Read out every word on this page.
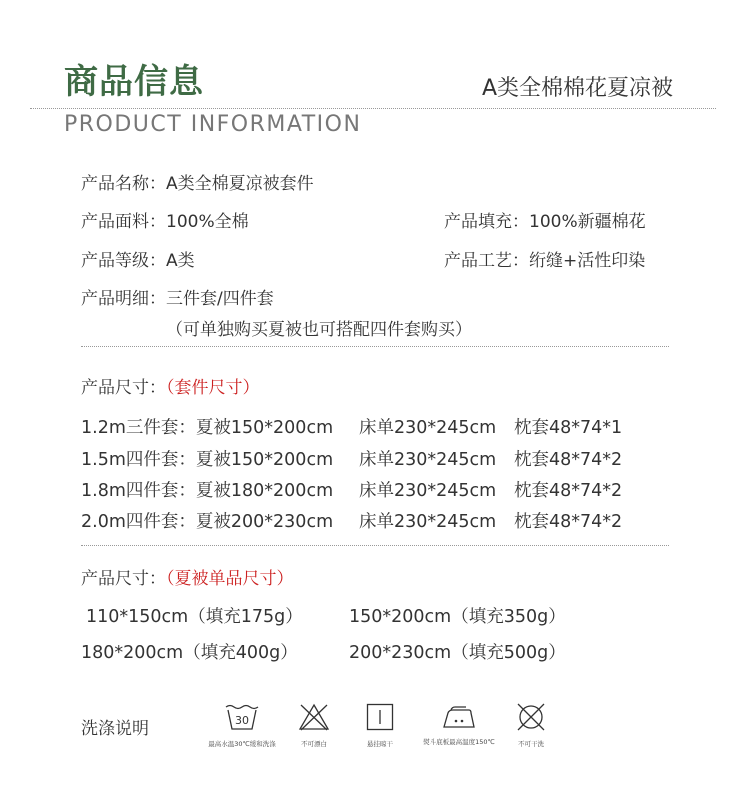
商品信息	A类全棉棉花夏凉被
PRODUCT INFORMATION
产品名称：A类全棉夏凉被套件
产品面料：100%全棉	产品填充：100%新疆棉花
产品等级：A类	产品工艺：绗缝+活性印染
产品明细：三件套/四件套
（可单独购买夏被也可搭配四件套购买）
产品尺寸：（套件尺寸）
1.2m三件套：夏被150*200cm 床单230*245cm 枕套48*74*1
1.5m四件套：夏被150*200cm 床单230*245cm 枕套48*74*2
1.8m四件套：夏被180*200cm 床单230*245cm 枕套48*74*2
2.0m四件套：夏被200*230cm 床单230*245cm 枕套48*74*2
产品尺寸：（夏被单品尺寸）
110*150cm（填充175g）	150*200cm（填充350g）
180*200cm（填充400g）	200*230cm（填充500g）
洗涤说明	30
最高水温30℃缓和洗涤	不可漂白	悬挂晾干	熨斗底板最高温度150℃	不可干洗
